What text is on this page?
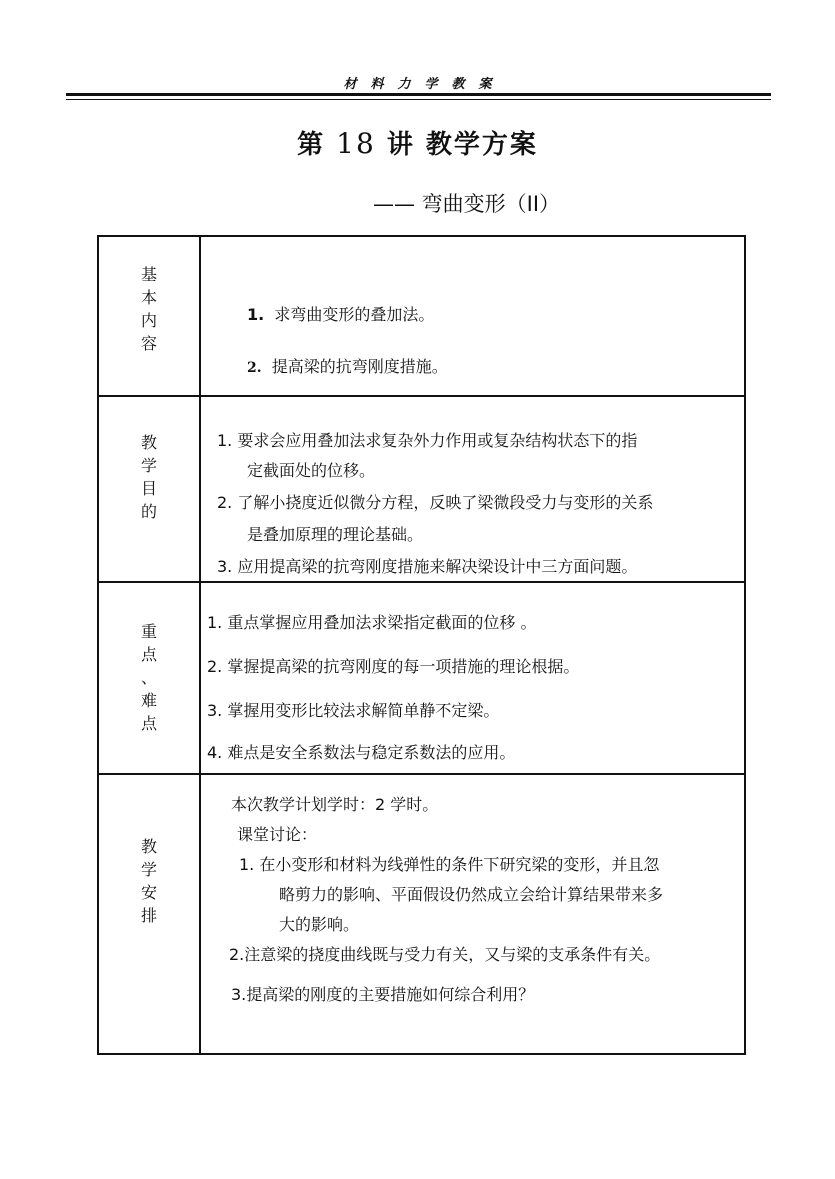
材料力学教案
第 18 讲 教学方案
—— 弯曲变形（II）
基
本
内
容
1. 求弯曲变形的叠加法。
2. 提高梁的抗弯刚度措施。
教
学
目
的
1. 要求会应用叠加法求复杂外力作用或复杂结构状态下的指
定截面处的位移。
2. 了解小挠度近似微分方程，反映了梁微段受力与变形的关系
是叠加原理的理论基础。
3. 应用提高梁的抗弯刚度措施来解决梁设计中三方面问题。
重
点
、
难
点
1. 重点掌握应用叠加法求梁指定截面的位移 。
2. 掌握提高梁的抗弯刚度的每一项措施的理论根据。
3. 掌握用变形比较法求解简单静不定梁。
4. 难点是安全系数法与稳定系数法的应用。
教
学
安
排
本次教学计划学时：2 学时。
课堂讨论：
1. 在小变形和材料为线弹性的条件下研究梁的变形，并且忽
略剪力的影响、平面假设仍然成立会给计算结果带来多
大的影响。
2.注意梁的挠度曲线既与受力有关，又与梁的支承条件有关。
3.提高梁的刚度的主要措施如何综合利用？
